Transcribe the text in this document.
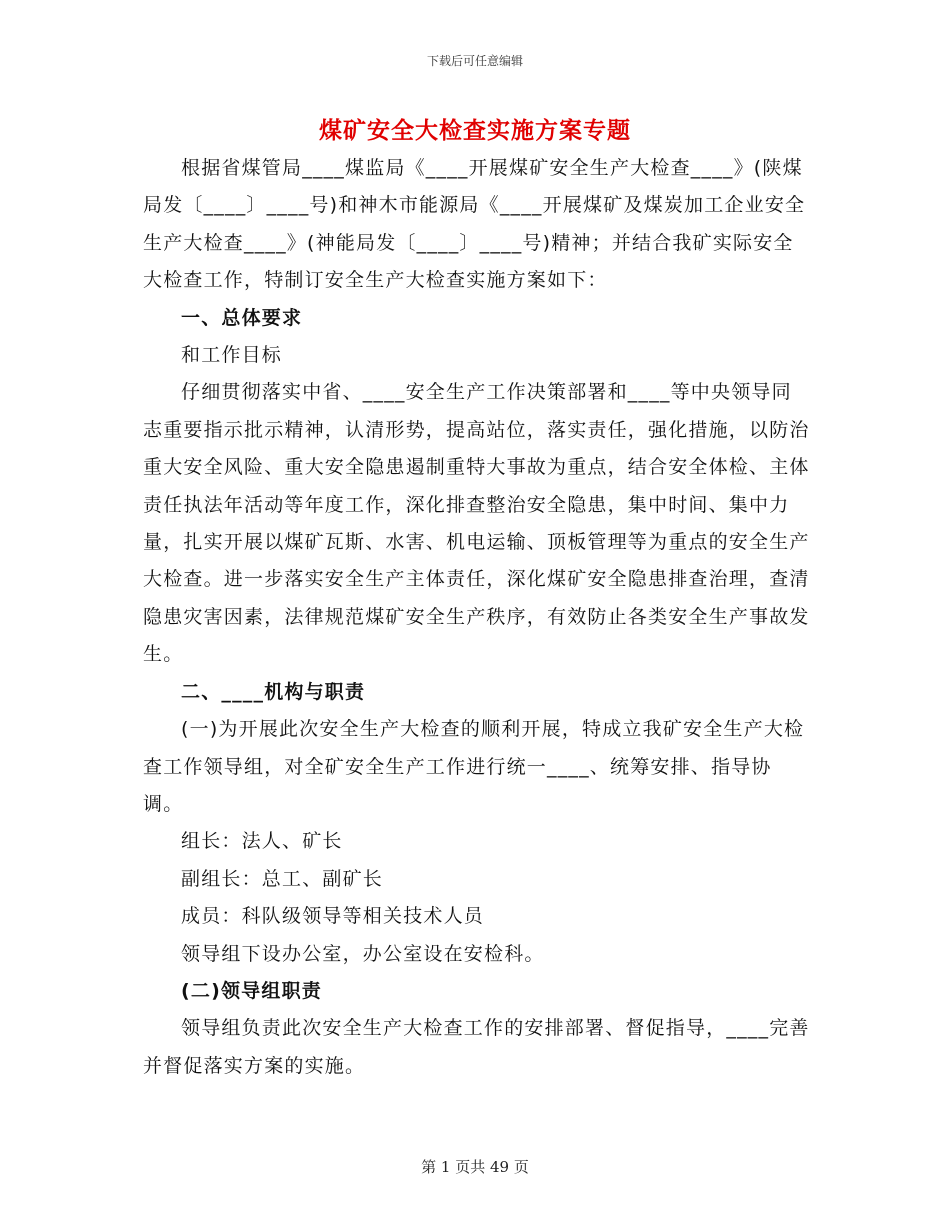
下载后可任意编辑
煤矿安全大检查实施方案专题

根据省煤管局____煤监局《____开展煤矿安全生产大检查____》(陕煤局发〔____〕____号)和神木市能源局《____开展煤矿及煤炭加工企业安全生产大检查____》(神能局发〔____〕____号)精神；并结合我矿实际安全大检查工作，特制订安全生产大检查实施方案如下：

一、总体要求

和工作目标

仔细贯彻落实中省、____安全生产工作决策部署和____等中央领导同志重要指示批示精神，认清形势，提高站位，落实责任，强化措施，以防治重大安全风险、重大安全隐患遏制重特大事故为重点，结合安全体检、主体责任执法年活动等年度工作，深化排查整治安全隐患，集中时间、集中力量，扎实开展以煤矿瓦斯、水害、机电运输、顶板管理等为重点的安全生产大检查。进一步落实安全生产主体责任，深化煤矿安全隐患排查治理，查清隐患灾害因素，法律规范煤矿安全生产秩序，有效防止各类安全生产事故发生。

二、____机构与职责

(一)为开展此次安全生产大检查的顺利开展，特成立我矿安全生产大检查工作领导组，对全矿安全生产工作进行统一____、统筹安排、指导协调。

组长：法人、矿长

副组长：总工、副矿长

成员：科队级领导等相关技术人员

领导组下设办公室，办公室设在安检科。

(二)领导组职责

领导组负责此次安全生产大检查工作的安排部署、督促指导，____完善并督促落实方案的实施。

第 1 页共 49 页
